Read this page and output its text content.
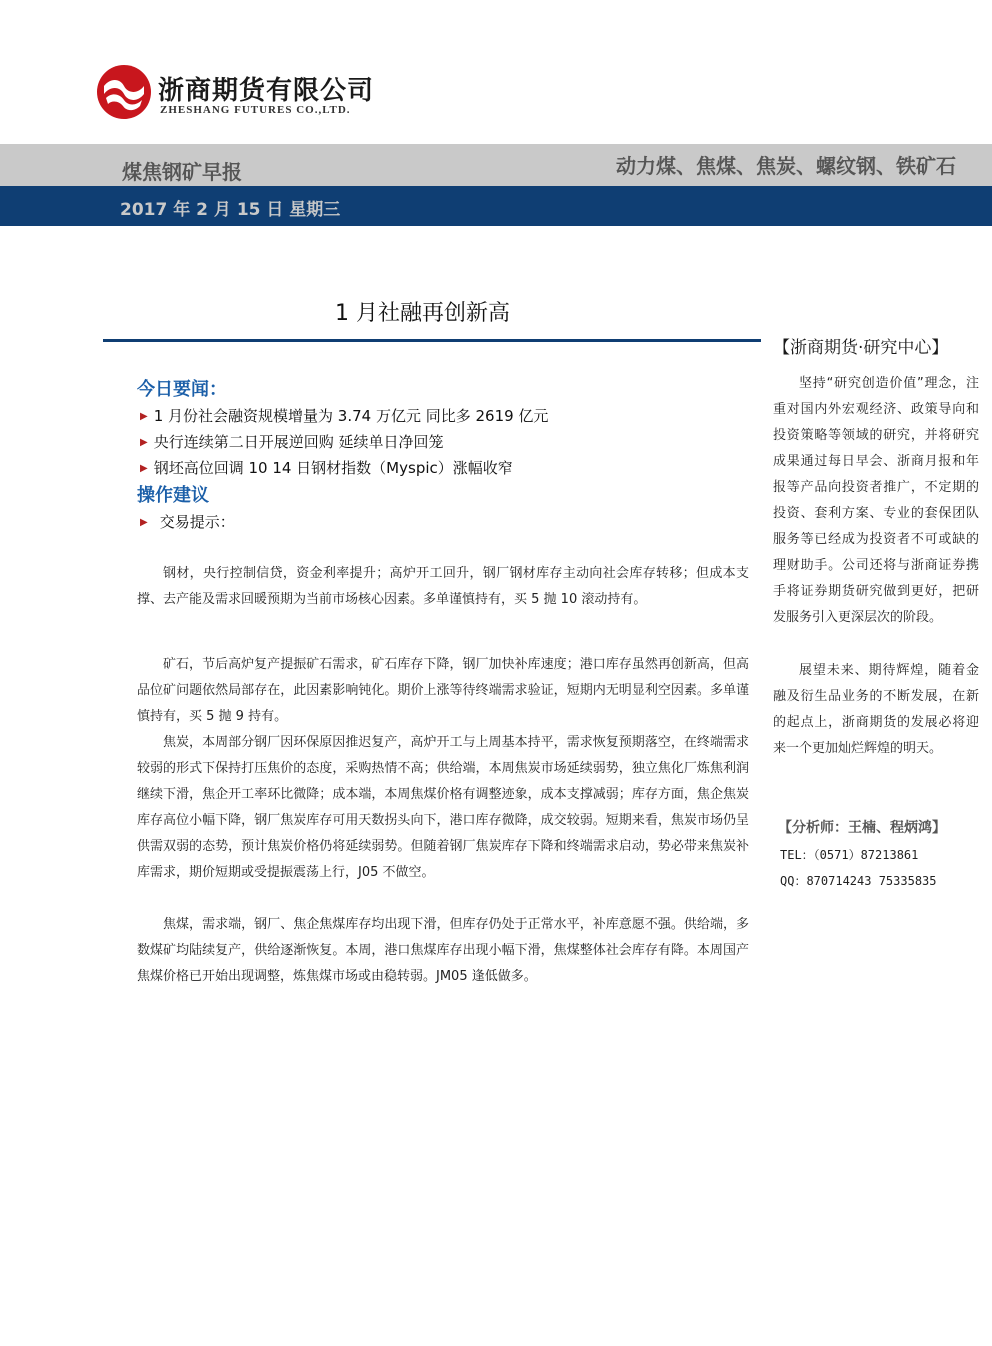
浙商期货有限公司
ZHESHANG FUTURES CO.,LTD.
煤焦钢矿早报	动力煤、焦煤、焦炭、螺纹钢、铁矿石
2017 年 2 月 15 日 星期三
1 月社融再创新高
今日要闻：
▶ 1 月份社会融资规模增量为 3.74 万亿元 同比多 2619 亿元
▶ 央行连续第二日开展逆回购 延续单日净回笼
▶ 钢坯高位回调 10 14 日钢材指数（Myspic）涨幅收窄
操作建议
▶ 交易提示：

钢材，央行控制信贷，资金利率提升；高炉开工回升，钢厂钢材库存主动向社会库存转移；但成本支撑、去产能及需求回暖预期为当前市场核心因素。多单谨慎持有，买 5 抛 10 滚动持有。

矿石，节后高炉复产提振矿石需求，矿石库存下降，钢厂加快补库速度；港口库存虽然再创新高，但高品位矿问题依然局部存在，此因素影响钝化。期价上涨等待终端需求验证，短期内无明显利空因素。多单谨慎持有，买 5 抛 9 持有。

焦炭，本周部分钢厂因环保原因推迟复产，高炉开工与上周基本持平，需求恢复预期落空，在终端需求较弱的形式下保持打压焦价的态度，采购热情不高；供给端，本周焦炭市场延续弱势，独立焦化厂炼焦利润继续下滑，焦企开工率环比微降；成本端，本周焦煤价格有调整迹象，成本支撑减弱；库存方面，焦企焦炭库存高位小幅下降，钢厂焦炭库存可用天数拐头向下，港口库存微降，成交较弱。短期来看，焦炭市场仍呈供需双弱的态势，预计焦炭价格仍将延续弱势。但随着钢厂焦炭库存下降和终端需求启动，势必带来焦炭补库需求，期价短期或受提振震荡上行，J05 不做空。

焦煤，需求端，钢厂、焦企焦煤库存均出现下滑，但库存仍处于正常水平，补库意愿不强。供给端，多数煤矿均陆续复产，供给逐渐恢复。本周，港口焦煤库存出现小幅下滑，焦煤整体社会库存有降。本周国产焦煤价格已开始出现调整，炼焦煤市场或由稳转弱。JM05 逢低做多。

【浙商期货·研究中心】

坚持“研究创造价值”理念，注重对国内外宏观经济、政策导向和投资策略等领域的研究，并将研究成果通过每日早会、浙商月报和年报等产品向投资者推广，不定期的投资、套利方案、专业的套保团队服务等已经成为投资者不可或缺的理财助手。公司还将与浙商证券携手将证券期货研究做到更好，把研发服务引入更深层次的阶段。

展望未来、期待辉煌，随着金融及衍生品业务的不断发展，在新的起点上，浙商期货的发展必将迎来一个更加灿烂辉煌的明天。

【分析师：王楠、程炳鸿】
TEL：（0571）87213861
QQ：870714243 75335835
